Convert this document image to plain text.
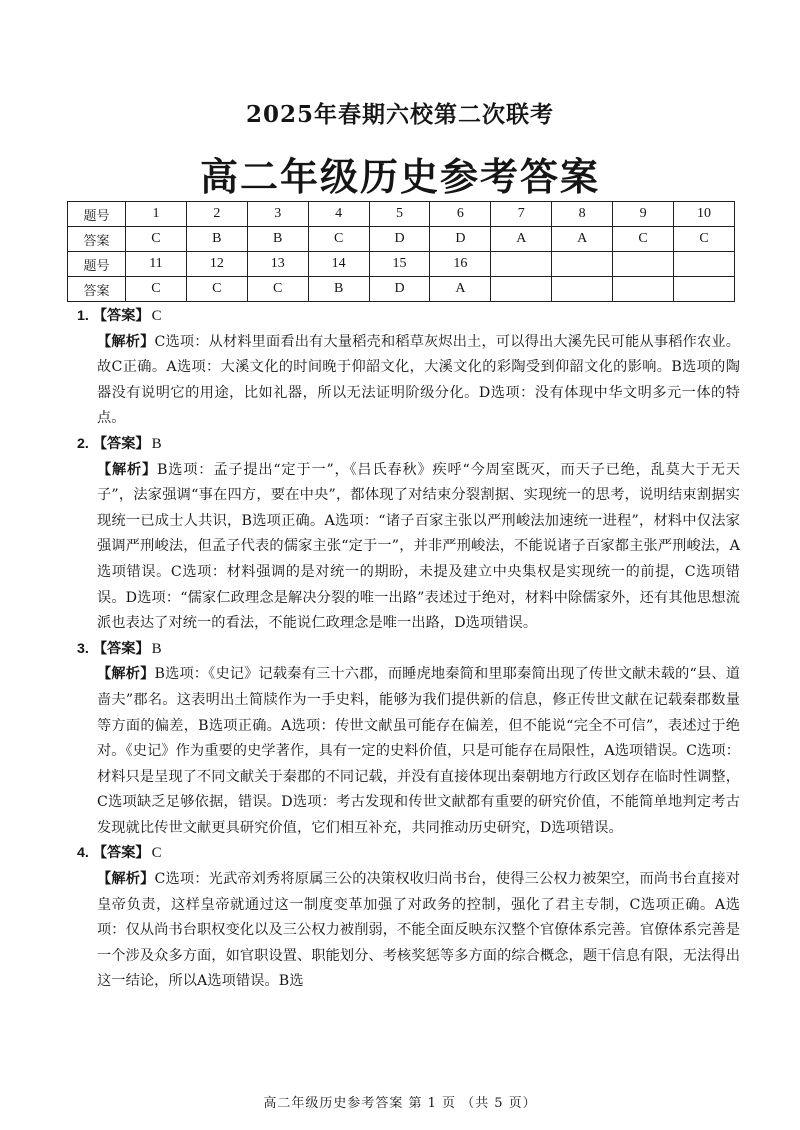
2025年春期六校第二次联考
高二年级历史参考答案
题号	1	2	3	4	5	6	7	8	9	10
答案	C	B	B	C	D	D	A	A	C	C
题号	11	12	13	14	15	16				
答案	C	C	C	B	D	A				

1. 【答案】 C

【解析】C选项：从材料里面看出有大量稻壳和稻草灰烬出土，可以得出大溪先民可能从事稻作农业。故C正确。A选项：大溪文化的时间晚于仰韶文化，大溪文化的彩陶受到仰韶文化的影响。B选项的陶器没有说明它的用途，比如礼器，所以无法证明阶级分化。D选项：没有体现中华文明多元一体的特点。

2. 【答案】 B

【解析】B选项：孟子提出“定于一”，《吕氏春秋》疾呼“今周室既灭，而天子已绝，乱莫大于无天子”，法家强调“事在四方，要在中央”，都体现了对结束分裂割据、实现统一的思考，说明结束割据实现统一已成士人共识，B选项正确。A选项：“诸子百家主张以严刑峻法加速统一进程”，材料中仅法家强调严刑峻法，但孟子代表的儒家主张“定于一”，并非严刑峻法，不能说诸子百家都主张严刑峻法，A选项错误。C选项：材料强调的是对统一的期盼，未提及建立中央集权是实现统一的前提，C选项错误。D选项：“儒家仁政理念是解决分裂的唯一出路”表述过于绝对，材料中除儒家外，还有其他思想流派也表达了对统一的看法，不能说仁政理念是唯一出路，D选项错误。

3. 【答案】 B

【解析】B选项：《史记》记载秦有三十六郡，而睡虎地秦简和里耶秦简出现了传世文献未载的“县、道啬夫”郡名。这表明出土简牍作为一手史料，能够为我们提供新的信息，修正传世文献在记载秦郡数量等方面的偏差，B选项正确。A选项：传世文献虽可能存在偏差，但不能说“完全不可信”，表述过于绝对。《史记》作为重要的史学著作，具有一定的史料价值，只是可能存在局限性，A选项错误。C选项：材料只是呈现了不同文献关于秦郡的不同记载，并没有直接体现出秦朝地方行政区划存在临时性调整，C选项缺乏足够依据，错误。D选项：考古发现和传世文献都有重要的研究价值，不能简单地判定考古发现就比传世文献更具研究价值，它们相互补充，共同推动历史研究，D选项错误。

4. 【答案】 C

【解析】C选项：光武帝刘秀将原属三公的决策权收归尚书台，使得三公权力被架空，而尚书台直接对皇帝负责，这样皇帝就通过这一制度变革加强了对政务的控制，强化了君主专制，C选项正确。A选项：仅从尚书台职权变化以及三公权力被削弱，不能全面反映东汉整个官僚体系完善。官僚体系完善是一个涉及众多方面，如官职设置、职能划分、考核奖惩等多方面的综合概念，题干信息有限，无法得出这一结论，所以A选项错误。B选

高二年级历史参考答案 第 1 页 （共 5 页）
